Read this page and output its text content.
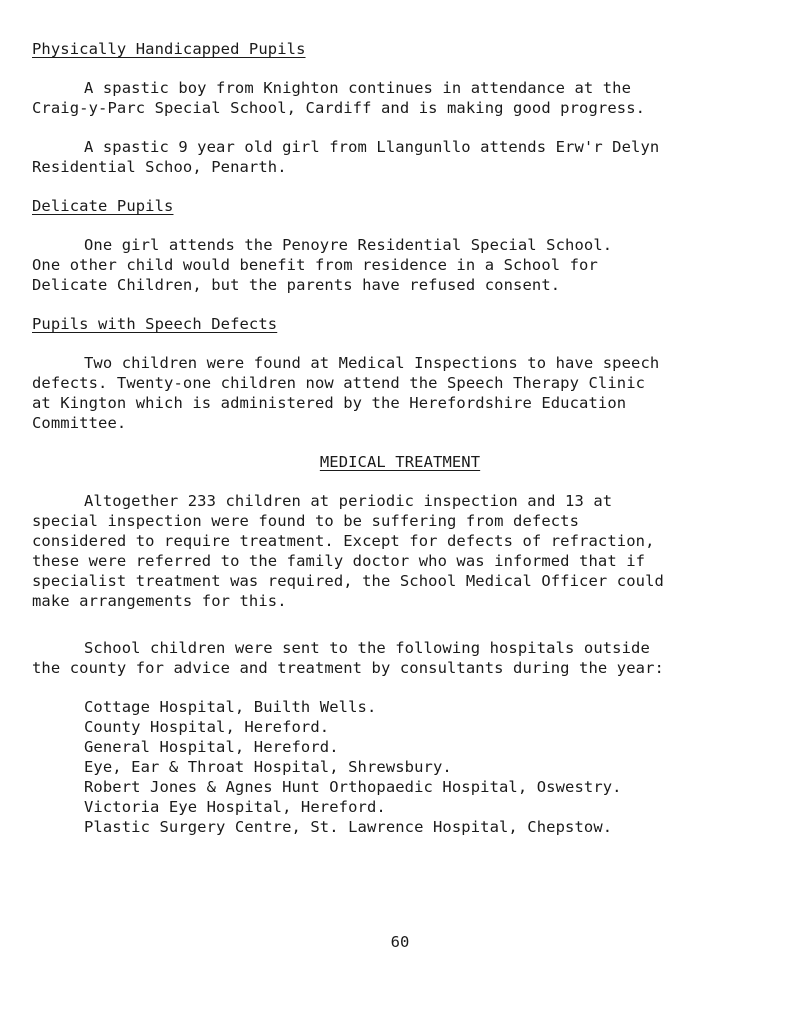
Physically Handicapped Pupils

A spastic boy from Knighton continues in attendance at the

Craig-y-Parc Special School, Cardiff and is making good progress.

A spastic 9 year old girl from Llangunllo attends Erw'r Delyn

Residential Schoo, Penarth.

Delicate Pupils

One girl attends the Penoyre Residential Special School.

One other child would benefit from residence in a School for

Delicate Children, but the parents have refused consent.

Pupils with Speech Defects

Two children were found at Medical Inspections to have speech

defects. Twenty-one children now attend the Speech Therapy Clinic

at Kington which is administered by the Herefordshire Education

Committee.

MEDICAL TREATMENT

Altogether 233 children at periodic inspection and 13 at

special inspection were found to be suffering from defects

considered to require treatment. Except for defects of refraction,

these were referred to the family doctor who was informed that if

specialist treatment was required, the School Medical Officer could

make arrangements for this.

School children were sent to the following hospitals outside

the county for advice and treatment by consultants during the year:

Cottage Hospital, Builth Wells.

County Hospital, Hereford.

General Hospital, Hereford.

Eye, Ear & Throat Hospital, Shrewsbury.

Robert Jones & Agnes Hunt Orthopaedic Hospital, Oswestry.

Victoria Eye Hospital, Hereford.

Plastic Surgery Centre, St. Lawrence Hospital, Chepstow.

60
